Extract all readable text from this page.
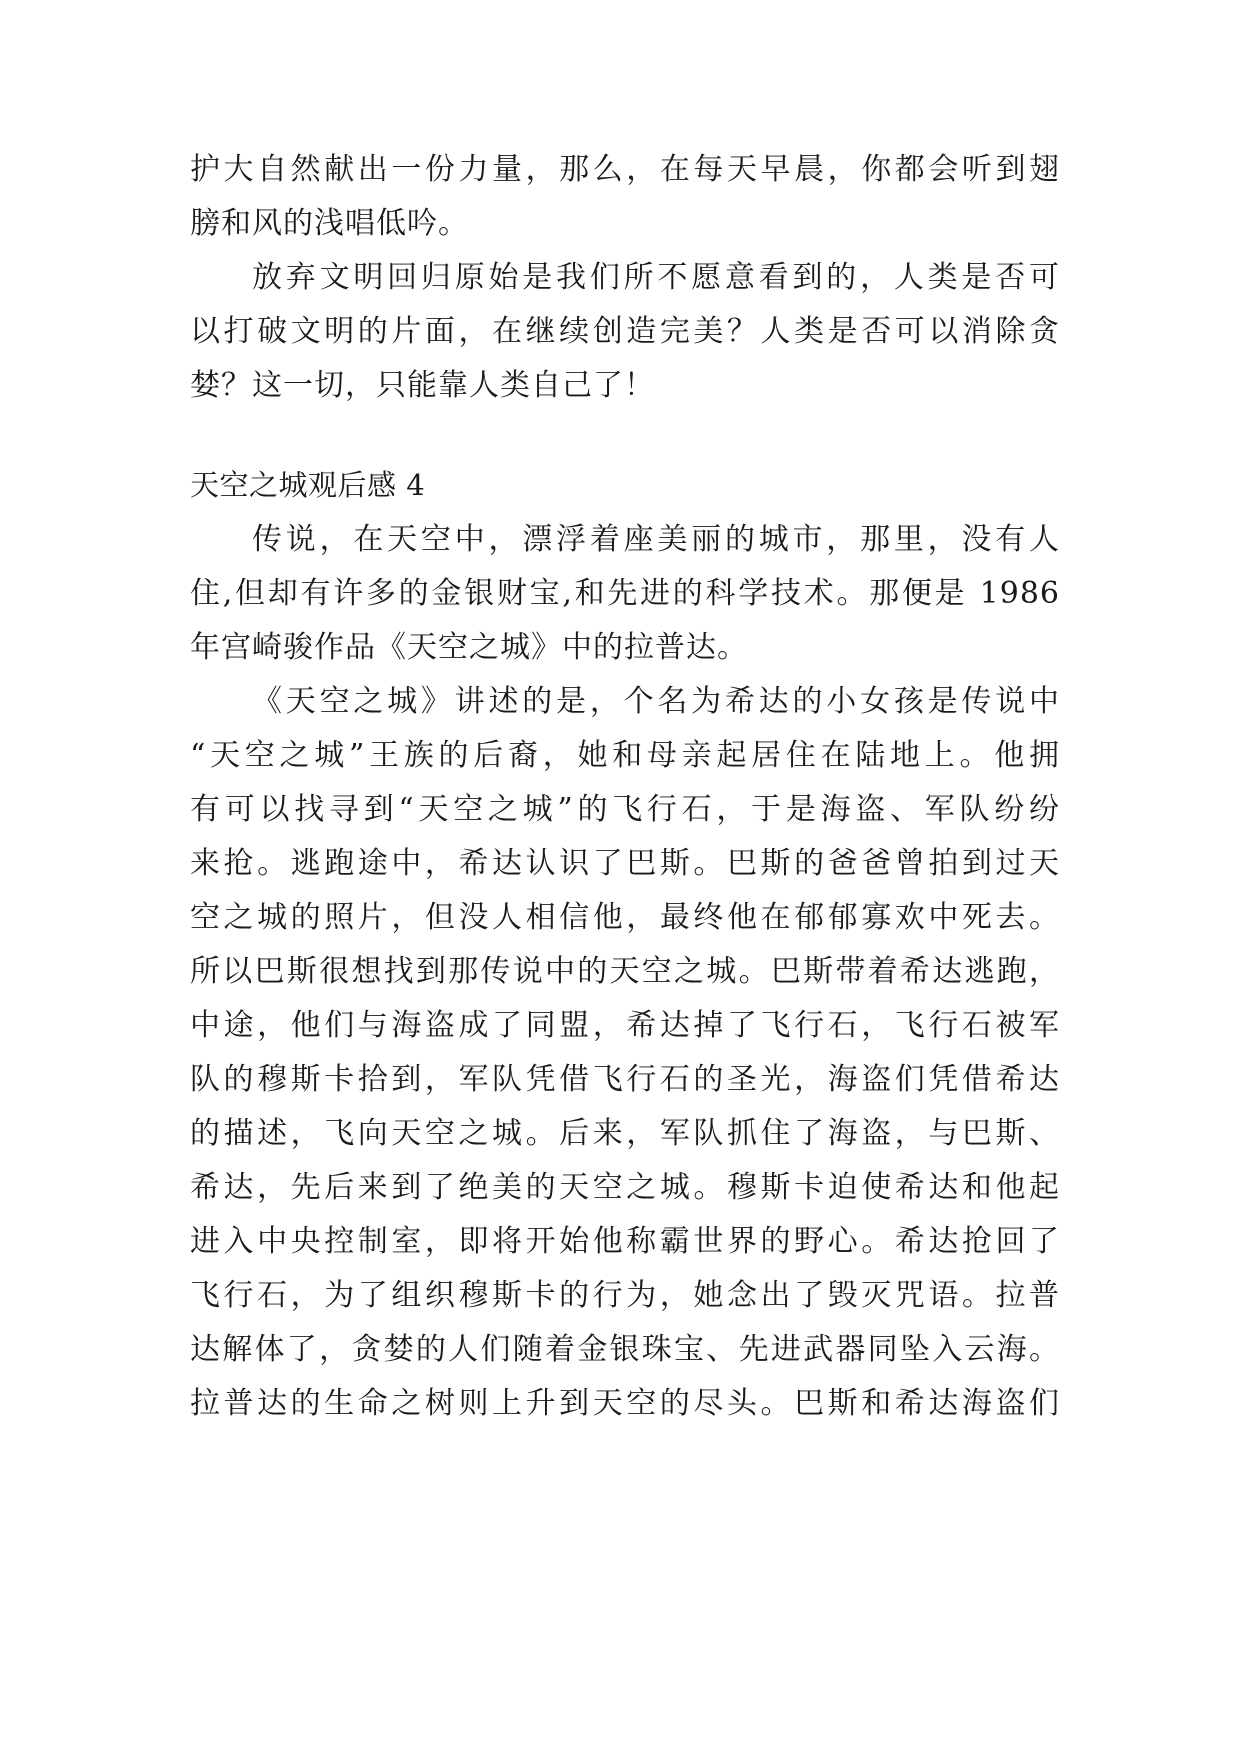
护大自然献出一份力量，那么，在每天早晨，你都会听到翅
膀和风的浅唱低吟。
放弃文明回归原始是我们所不愿意看到的，人类是否可
以打破文明的片面，在继续创造完美？人类是否可以消除贪
婪？这一切，只能靠人类自己了！
天空之城观后感 4
传说，在天空中，漂浮着座美丽的城市，那里，没有人
住,但却有许多的金银财宝,和先进的科学技术。那便是 1986
年宫崎骏作品《天空之城》中的拉普达。
《天空之城》讲述的是，个名为希达的小女孩是传说中
“天空之城”王族的后裔，她和母亲起居住在陆地上。他拥
有可以找寻到“天空之城”的飞行石，于是海盗、军队纷纷
来抢。逃跑途中，希达认识了巴斯。巴斯的爸爸曾拍到过天
空之城的照片，但没人相信他，最终他在郁郁寡欢中死去。
所以巴斯很想找到那传说中的天空之城。巴斯带着希达逃跑，
中途，他们与海盗成了同盟，希达掉了飞行石，飞行石被军
队的穆斯卡拾到，军队凭借飞行石的圣光，海盗们凭借希达
的描述，飞向天空之城。后来，军队抓住了海盗，与巴斯、
希达，先后来到了绝美的天空之城。穆斯卡迫使希达和他起
进入中央控制室，即将开始他称霸世界的野心。希达抢回了
飞行石，为了组织穆斯卡的行为，她念出了毁灭咒语。拉普
达解体了，贪婪的人们随着金银珠宝、先进武器同坠入云海。
拉普达的生命之树则上升到天空的尽头。巴斯和希达海盗们
